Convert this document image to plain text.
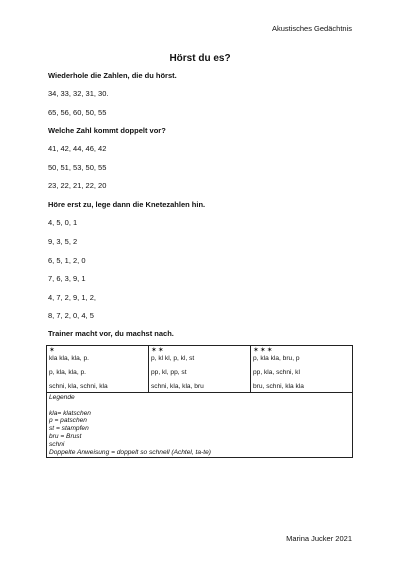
Akustisches Gedächtnis
Hörst du es?
Wiederhole die Zahlen, die du hörst.
34, 33, 32, 31, 30.
65, 56, 60, 50, 55
Welche Zahl kommt doppelt vor?
41, 42, 44, 46, 42
50, 51, 53, 50, 55
23, 22, 21, 22, 20
Höre erst zu, lege dann die Knetezahlen hin.
4, 5, 0, 1
9, 3, 5, 2
6, 5, 1, 2, 0
7, 6, 3, 9, 1
4, 7, 2, 9, 1, 2,
8, 7, 2, 0, 4, 5
Trainer macht vor, du machst nach.
✶
kla kla, kla, p.
p, kla, kla, p.
schni, kla, schni, kla

✶✶
p, kl kl, p, kl, st
pp, kl, pp, st
schni, kla, kla, bru

✶✶✶
p, kla kla, bru, p
pp, kla, schni, kl
bru, schni, kla kla

Legende
kla= klatschen
p = patschen
st = stampfen
bru = Brust
schni
Doppelte Anweisung = doppelt so schnell (Achtel, ta-te)
Marina Jucker 2021
